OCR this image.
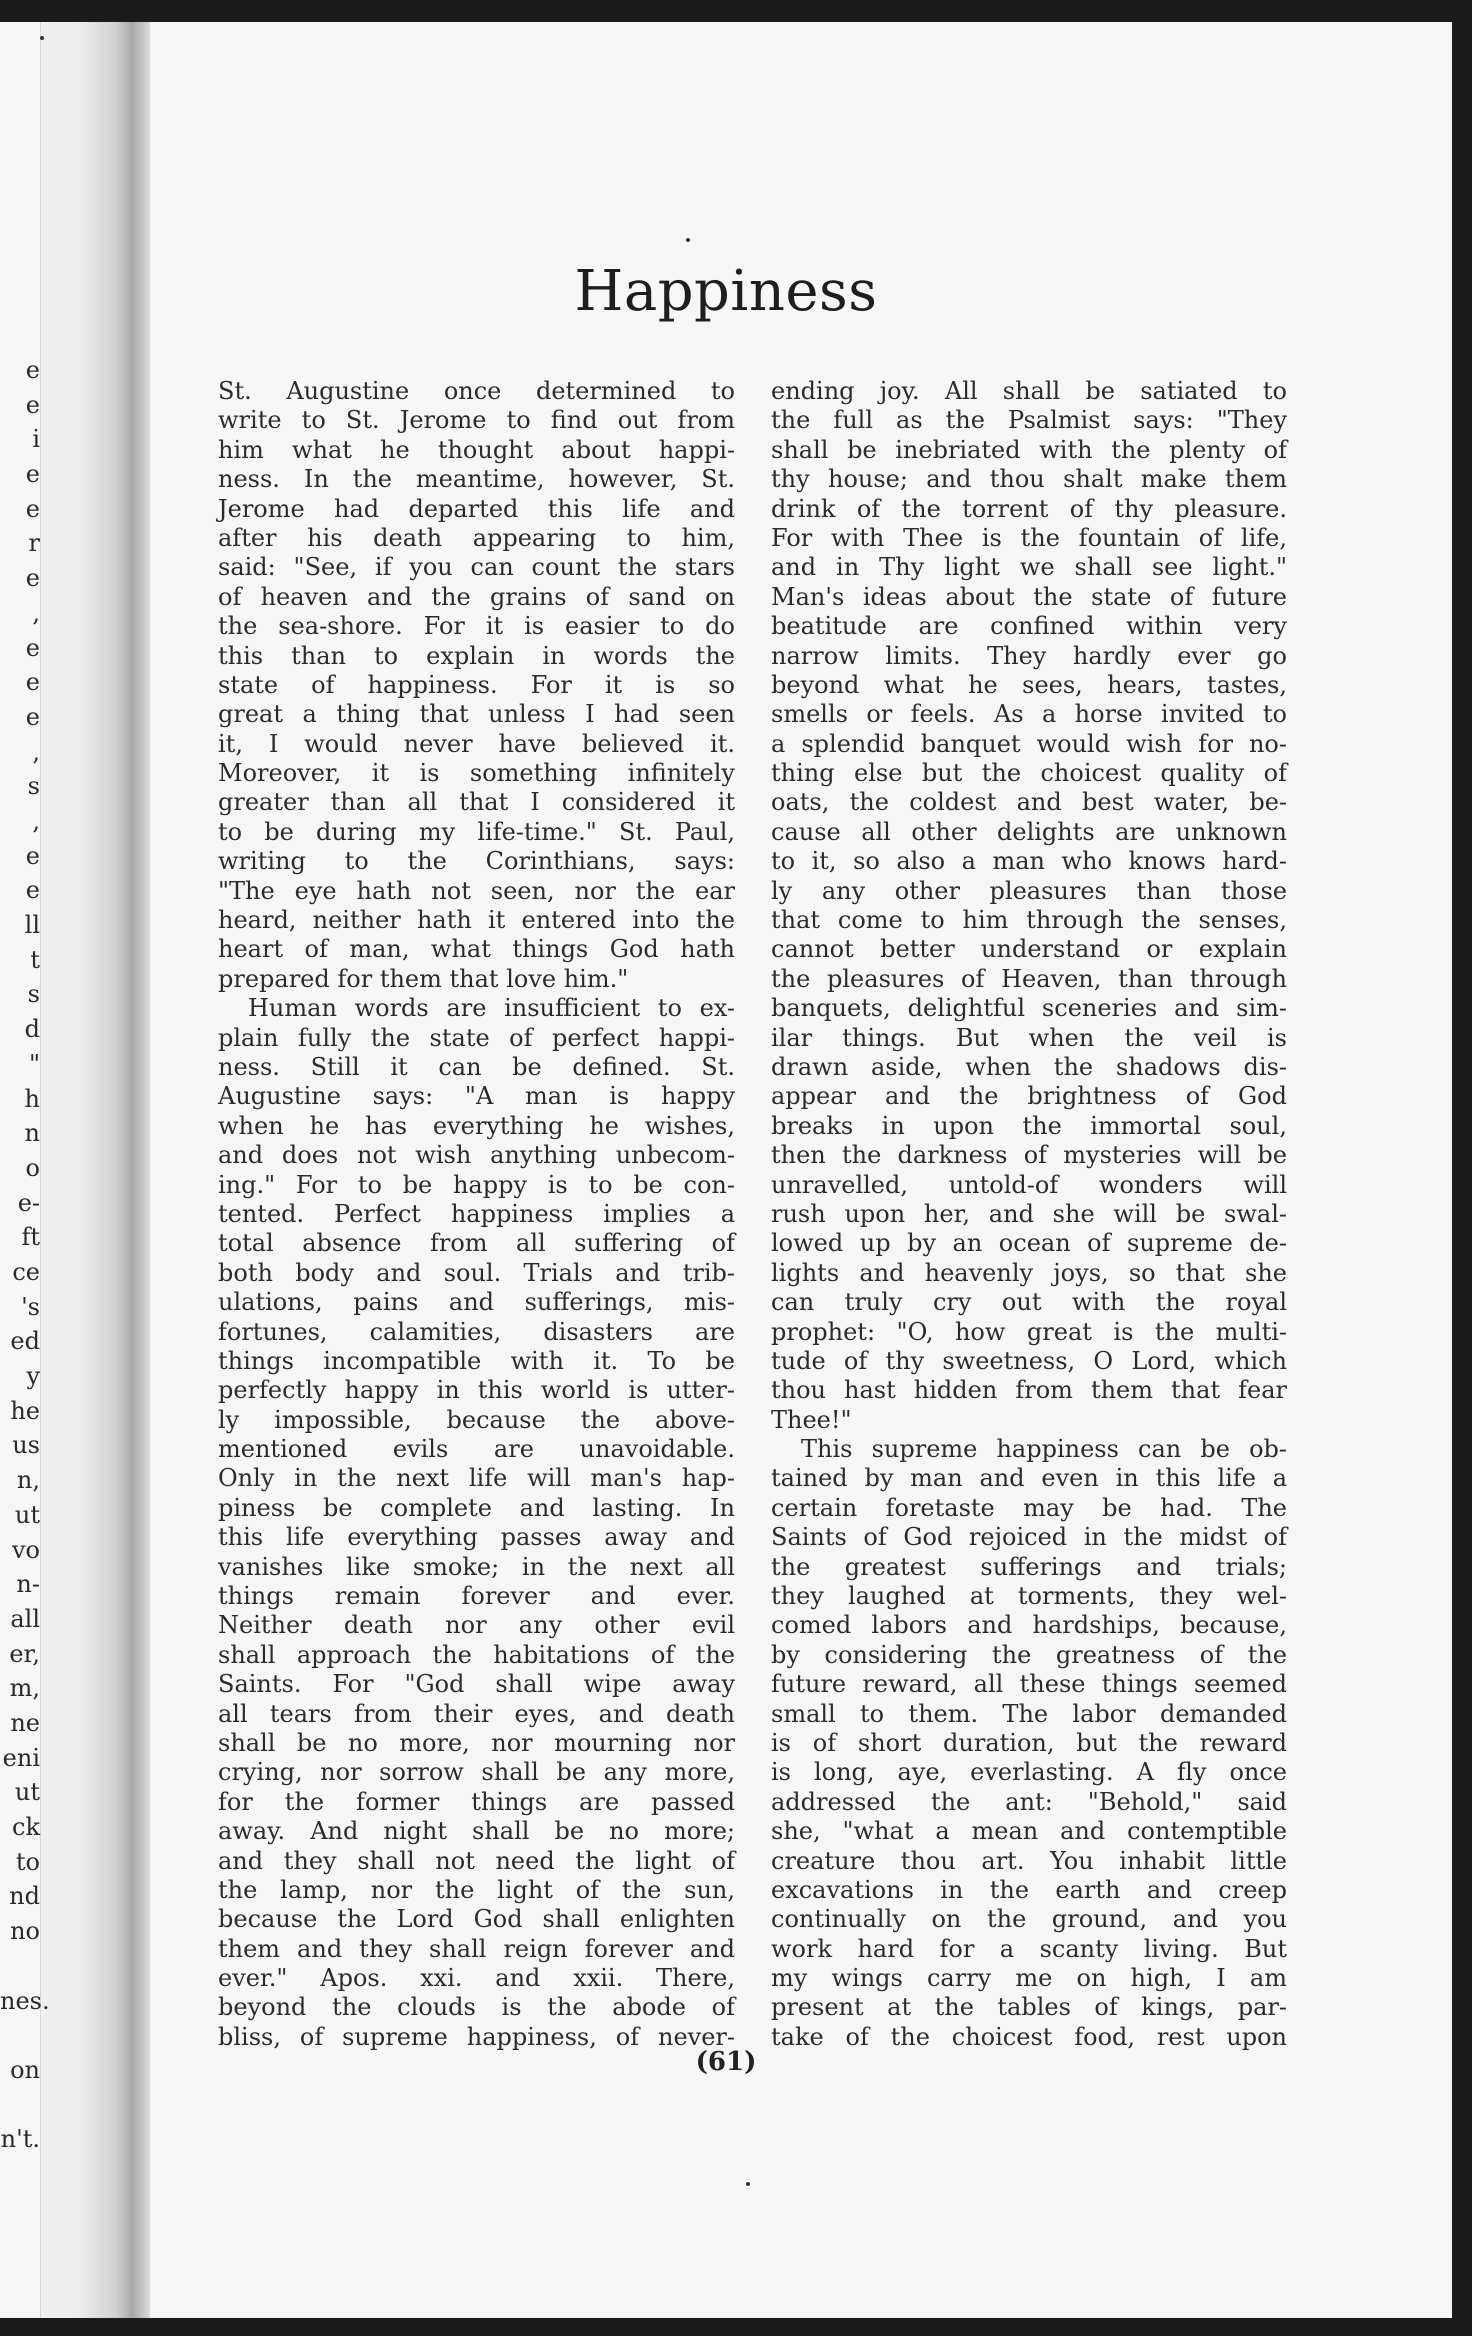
e
e
i
e
e
r
e
,
e
e
e
,
s
,
e
e
ll
t
s
d
"
h
n
o
e-
ft
ce
's
ed
y
he
us
n,
ut
vo
n-
all
er,
m,
ne
eni
ut
ck
to
nd
no
nes.
on
n't.
Happiness
St. Augustine once determined to
write to St. Jerome to find out from
him what he thought about happi-
ness. In the meantime, however, St.
Jerome had departed this life and
after his death appearing to him,
said: "See, if you can count the stars
of heaven and the grains of sand on
the sea-shore. For it is easier to do
this than to explain in words the
state of happiness. For it is so
great a thing that unless I had seen
it, I would never have believed it.
Moreover, it is something infinitely
greater than all that I considered it
to be during my life-time." St. Paul,
writing to the Corinthians, says:
"The eye hath not seen, nor the ear
heard, neither hath it entered into the
heart of man, what things God hath
prepared for them that love him."
Human words are insufficient to ex-
plain fully the state of perfect happi-
ness. Still it can be defined. St.
Augustine says: "A man is happy
when he has everything he wishes,
and does not wish anything unbecom-
ing." For to be happy is to be con-
tented. Perfect happiness implies a
total absence from all suffering of
both body and soul. Trials and trib-
ulations, pains and sufferings, mis-
fortunes, calamities, disasters are
things incompatible with it. To be
perfectly happy in this world is utter-
ly impossible, because the above-
mentioned evils are unavoidable.
Only in the next life will man's hap-
piness be complete and lasting. In
this life everything passes away and
vanishes like smoke; in the next all
things remain forever and ever.
Neither death nor any other evil
shall approach the habitations of the
Saints. For "God shall wipe away
all tears from their eyes, and death
shall be no more, nor mourning nor
crying, nor sorrow shall be any more,
for the former things are passed
away. And night shall be no more;
and they shall not need the light of
the lamp, nor the light of the sun,
because the Lord God shall enlighten
them and they shall reign forever and
ever." Apos. xxi. and xxii. There,
beyond the clouds is the abode of
bliss, of supreme happiness, of never-
ending joy. All shall be satiated to
the full as the Psalmist says: "They
shall be inebriated with the plenty of
thy house; and thou shalt make them
drink of the torrent of thy pleasure.
For with Thee is the fountain of life,
and in Thy light we shall see light."
Man's ideas about the state of future
beatitude are confined within very
narrow limits. They hardly ever go
beyond what he sees, hears, tastes,
smells or feels. As a horse invited to
a splendid banquet would wish for no-
thing else but the choicest quality of
oats, the coldest and best water, be-
cause all other delights are unknown
to it, so also a man who knows hard-
ly any other pleasures than those
that come to him through the senses,
cannot better understand or explain
the pleasures of Heaven, than through
banquets, delightful sceneries and sim-
ilar things. But when the veil is
drawn aside, when the shadows dis-
appear and the brightness of God
breaks in upon the immortal soul,
then the darkness of mysteries will be
unravelled, untold-of wonders will
rush upon her, and she will be swal-
lowed up by an ocean of supreme de-
lights and heavenly joys, so that she
can truly cry out with the royal
prophet: "O, how great is the multi-
tude of thy sweetness, O Lord, which
thou hast hidden from them that fear
Thee!"
This supreme happiness can be ob-
tained by man and even in this life a
certain foretaste may be had. The
Saints of God rejoiced in the midst of
the greatest sufferings and trials;
they laughed at torments, they wel-
comed labors and hardships, because,
by considering the greatness of the
future reward, all these things seemed
small to them. The labor demanded
is of short duration, but the reward
is long, aye, everlasting. A fly once
addressed the ant: "Behold," said
she, "what a mean and contemptible
creature thou art. You inhabit little
excavations in the earth and creep
continually on the ground, and you
work hard for a scanty living. But
my wings carry me on high, I am
present at the tables of kings, par-
take of the choicest food, rest upon
(61)
